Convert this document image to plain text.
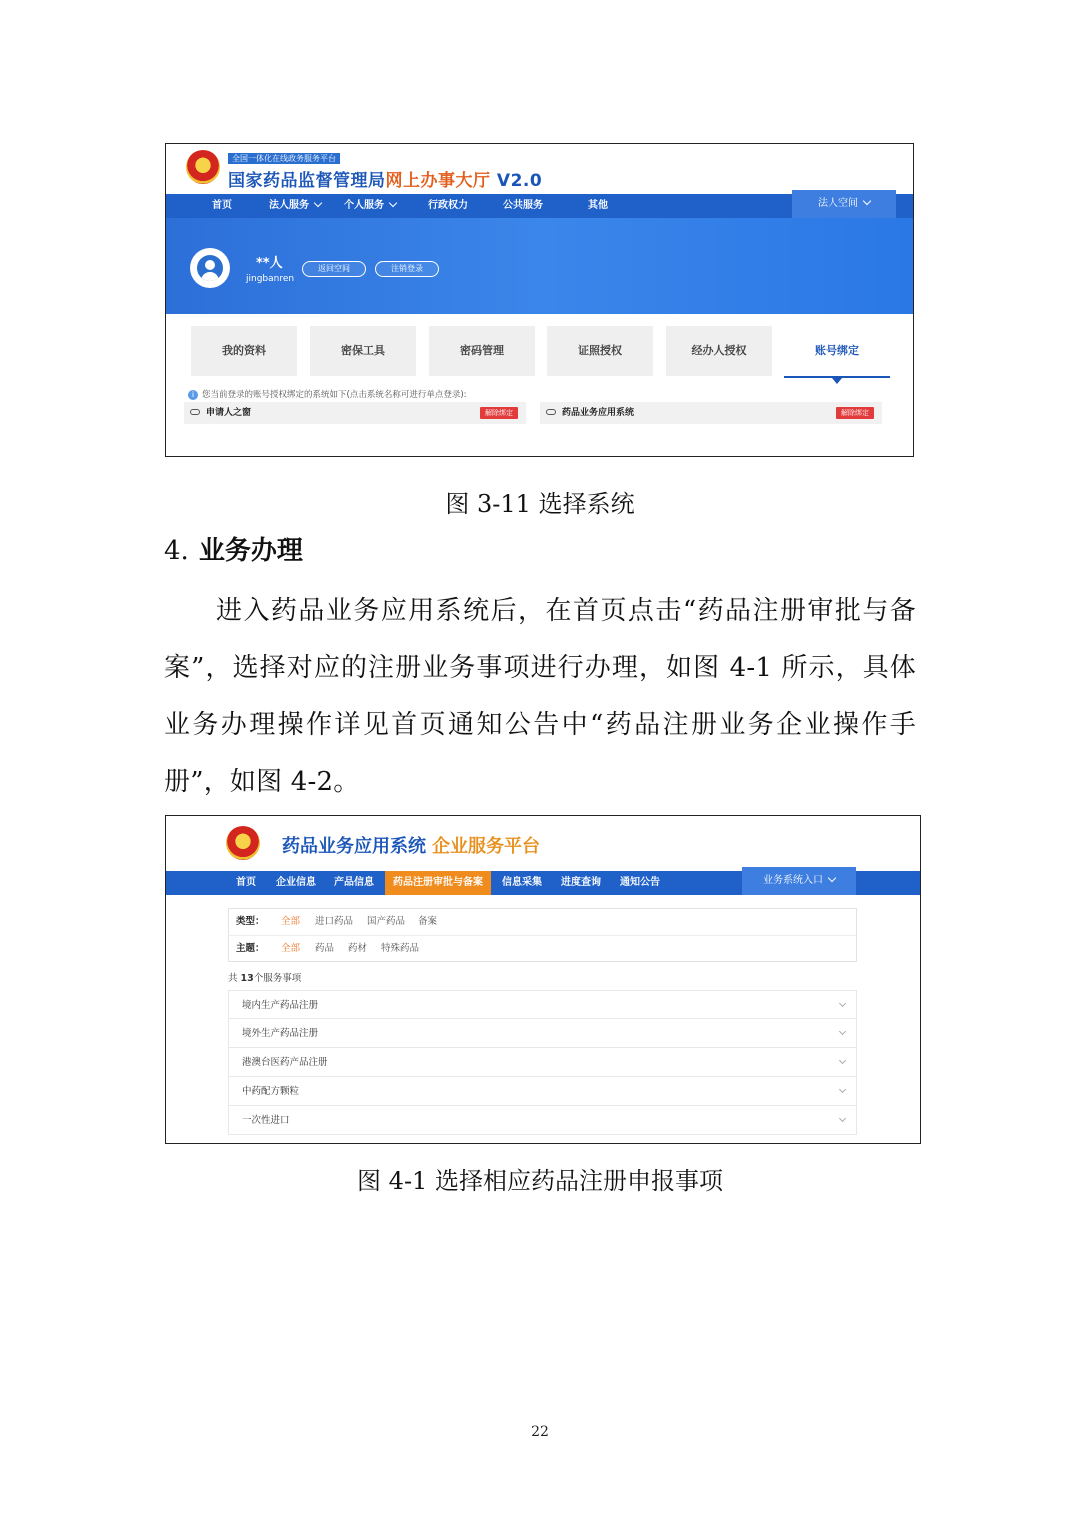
全国一体化在线政务服务平台
国家药品监督管理局网上办事大厅 V2.0
首页	法人服务	个人服务	行政权力	公共服务	其他	法人空间
**人
jingbanren
返回空间	注销登录
我的资料	密保工具	密码管理	证照授权	经办人授权	账号绑定
i 您当前登录的账号授权绑定的系统如下(点击系统名称可进行单点登录):
申请人之窗	解除绑定	药品业务应用系统	解除绑定
图 3-11 选择系统
4. 业务办理
进入药品业务应用系统后，在首页点击“药品注册审批与备案”，选择对应的注册业务事项进行办理，如图 4-1 所示，具体业务办理操作详见首页通知公告中“药品注册业务企业操作手册”，如图 4-2。
药品业务应用系统 企业服务平台
首页 企业信息 产品信息	药品注册审批与备案	信息采集 进度查询 通知公告	业务系统入口
类型： 全部 进口药品 国产药品 备案
主题： 全部 药品 药材 特殊药品
共 13个服务事项
境内生产药品注册
境外生产药品注册
港澳台医药产品注册
中药配方颗粒
一次性进口
图 4-1 选择相应药品注册申报事项
22
